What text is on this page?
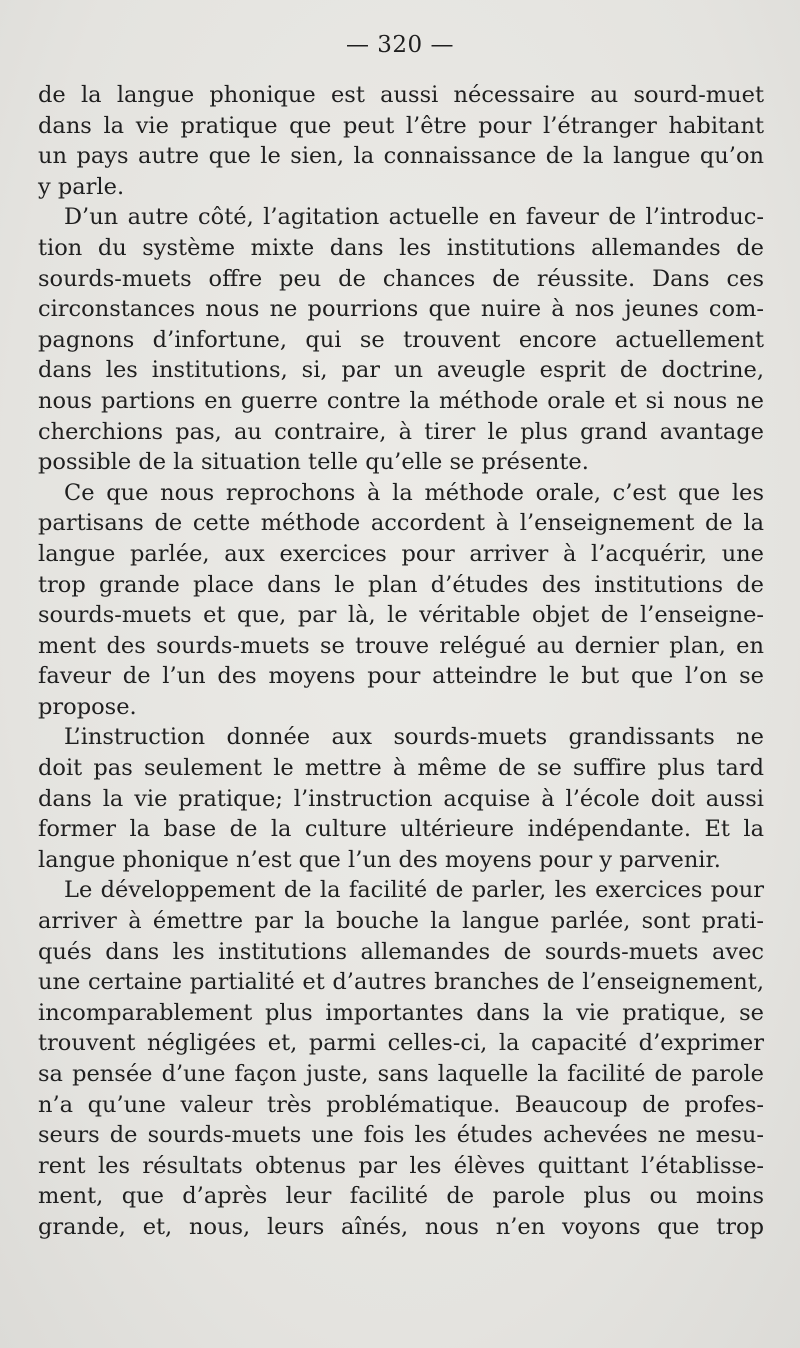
— 320 —
de la langue phonique est aussi nécessaire au sourd-muet
dans la vie pratique que peut l’être pour l’étranger habitant
un pays autre que le sien, la connaissance de la langue qu’on
y parle.
D’un autre côté, l’agitation actuelle en faveur de l’introduc-
tion du système mixte dans les institutions allemandes de
sourds-muets offre peu de chances de réussite. Dans ces
circonstances nous ne pourrions que nuire à nos jeunes com-
pagnons d’infortune, qui se trouvent encore actuellement
dans les institutions, si, par un aveugle esprit de doctrine,
nous partions en guerre contre la méthode orale et si nous ne
cherchions pas, au contraire, à tirer le plus grand avantage
possible de la situation telle qu’elle se présente.
Ce que nous reprochons à la méthode orale, c’est que les
partisans de cette méthode accordent à l’enseignement de la
langue parlée, aux exercices pour arriver à l’acquérir, une
trop grande place dans le plan d’études des institutions de
sourds-muets et que, par là, le véritable objet de l’enseigne-
ment des sourds-muets se trouve relégué au dernier plan, en
faveur de l’un des moyens pour atteindre le but que l’on se
propose.
L’instruction donnée aux sourds-muets grandissants ne
doit pas seulement le mettre à même de se suffire plus tard
dans la vie pratique; l’instruction acquise à l’école doit aussi
former la base de la culture ultérieure indépendante. Et la
langue phonique n’est que l’un des moyens pour y parvenir.
Le développement de la facilité de parler, les exercices pour
arriver à émettre par la bouche la langue parlée, sont prati-
qués dans les institutions allemandes de sourds-muets avec
une certaine partialité et d’autres branches de l’enseignement,
incomparablement plus importantes dans la vie pratique, se
trouvent négligées et, parmi celles-ci, la capacité d’exprimer
sa pensée d’une façon juste, sans laquelle la facilité de parole
n’a qu’une valeur très problématique. Beaucoup de profes-
seurs de sourds-muets une fois les études achevées ne mesu-
rent les résultats obtenus par les élèves quittant l’établisse-
ment, que d’après leur facilité de parole plus ou moins
grande, et, nous, leurs aînés, nous n’en voyons que trop
